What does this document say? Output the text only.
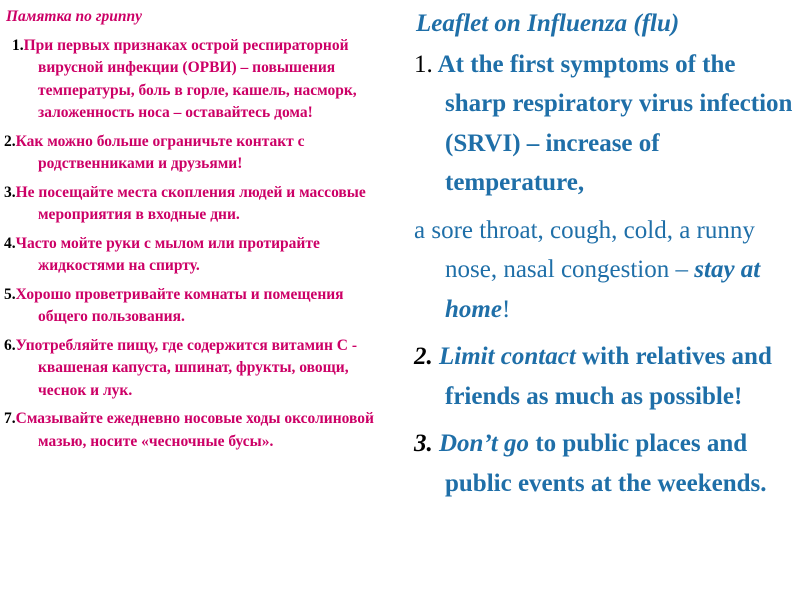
Памятка по гриппу
1.При первых признаках острой респираторной вирусной инфекции (ОРВИ) – повышения температуры, боль в горле, кашель, насморк, заложенность носа – оставайтесь дома!
2.Как можно больше ограничьте контакт с родственниками и друзьями!
3.Не посещайте места скопления людей и массовые мероприятия в входные дни.
4.Часто мойте руки с мылом или протирайте жидкостями на спирту.
5.Хорошо проветривайте комнаты и помещения общего пользования.
6.Употребляйте пищу, где содержится витамин С - квашеная капуста, шпинат, фрукты, овощи, чеснок и лук.
7.Смазывайте ежедневно носовые ходы оксолиновой мазью, носите «чесночные бусы».
Leaflet on Influenza (flu)
1. At the first symptoms of the sharp respiratory virus infection (SRVI) – increase of temperature,
a sore throat, cough, cold, a runny nose, nasal congestion – stay at home!
2. Limit contact with relatives and friends as much as possible!
3. Don’t go to public places and public events at the weekends.
